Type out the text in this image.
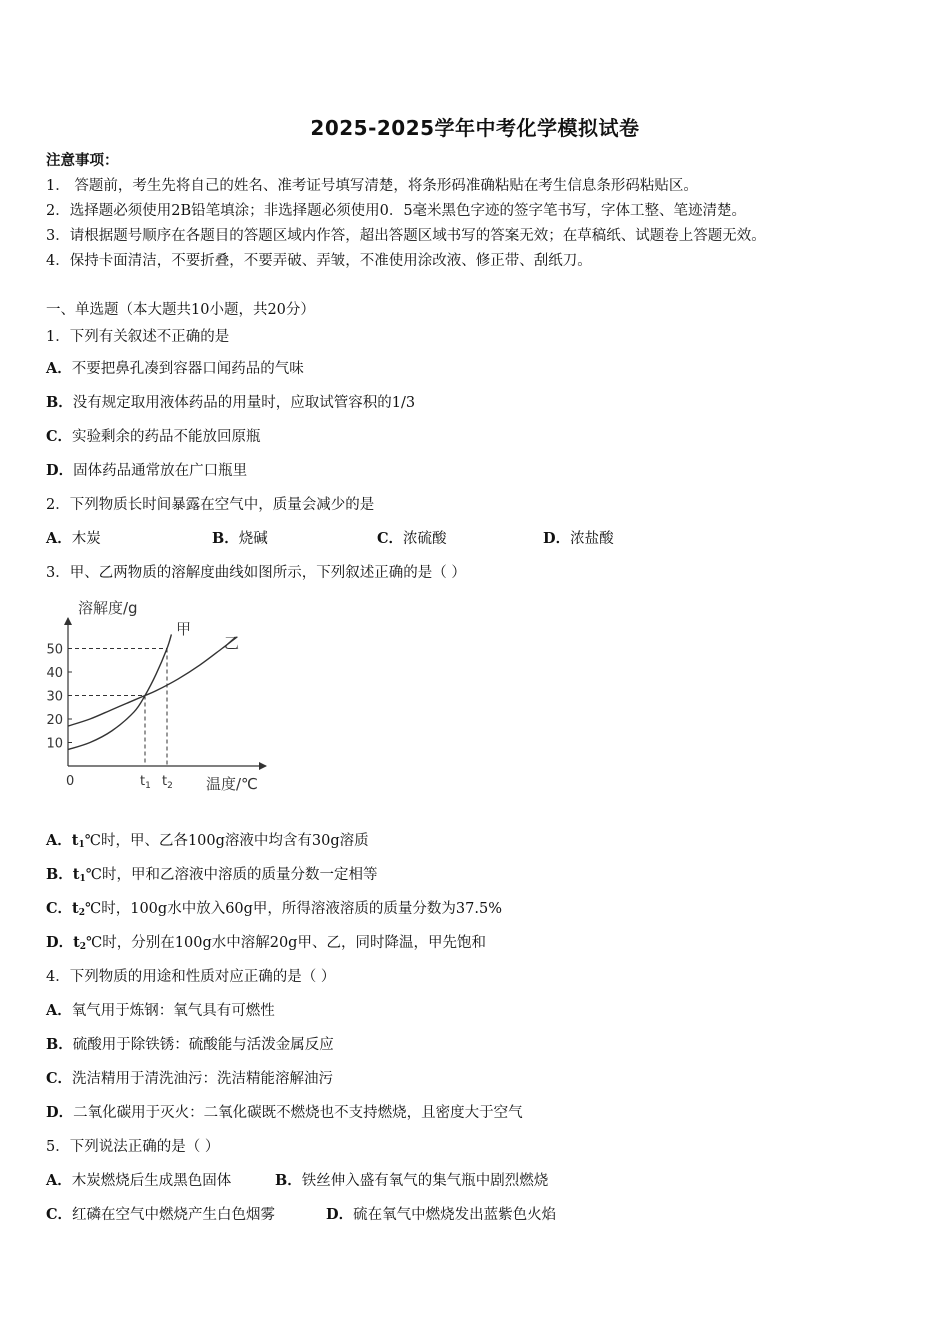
2025-2025学年中考化学模拟试卷
注意事项：
1． 答题前，考生先将自己的姓名、准考证号填写清楚，将条形码准确粘贴在考生信息条形码粘贴区。
2．选择题必须使用2B铅笔填涂；非选择题必须使用0．5毫米黑色字迹的签字笔书写，字体工整、笔迹清楚。
3．请根据题号顺序在各题目的答题区域内作答，超出答题区域书写的答案无效；在草稿纸、试题卷上答题无效。
4．保持卡面清洁，不要折叠，不要弄破、弄皱，不准使用涂改液、修正带、刮纸刀。
一、单选题（本大题共10小题，共20分）
1．下列有关叙述不正确的是
A．不要把鼻孔凑到容器口闻药品的气味
B．没有规定取用液体药品的用量时，应取试管容积的1/3
C．实验剩余的药品不能放回原瓶
D．固体药品通常放在广口瓶里
2．下列物质长时间暴露在空气中，质量会减少的是
A．木炭	B．烧碱	C．浓硫酸	D．浓盐酸
3．甲、乙两物质的溶解度曲线如图所示，下列叙述正确的是（ ）
10
20
30
40
50
$t_1$ $t_2$
溶解度/g
温度/℃
0
甲
乙
A．$t_1℃$时，甲、乙各100g溶液中均含有30g溶质
B．$t_1℃$时，甲和乙溶液中溶质的质量分数一定相等
C．$t_2℃$时，100g水中放入60g甲，所得溶液溶质的质量分数为37.5%
D．$t_2℃$时，分别在100g水中溶解20g甲、乙，同时降温，甲先饱和
4．下列物质的用途和性质对应正确的是（ ）
A．氧气用于炼钢：氧气具有可燃性
B．硫酸用于除铁锈：硫酸能与活泼金属反应
C．洗洁精用于清洗油污：洗洁精能溶解油污
D．二氧化碳用于灭火：二氧化碳既不燃烧也不支持燃烧，且密度大于空气
5．下列说法正确的是（ ）
A．木炭燃烧后生成黑色固体	B．铁丝伸入盛有氧气的集气瓶中剧烈燃烧
C．红磷在空气中燃烧产生白色烟雾	D．硫在氧气中燃烧发出蓝紫色火焰
